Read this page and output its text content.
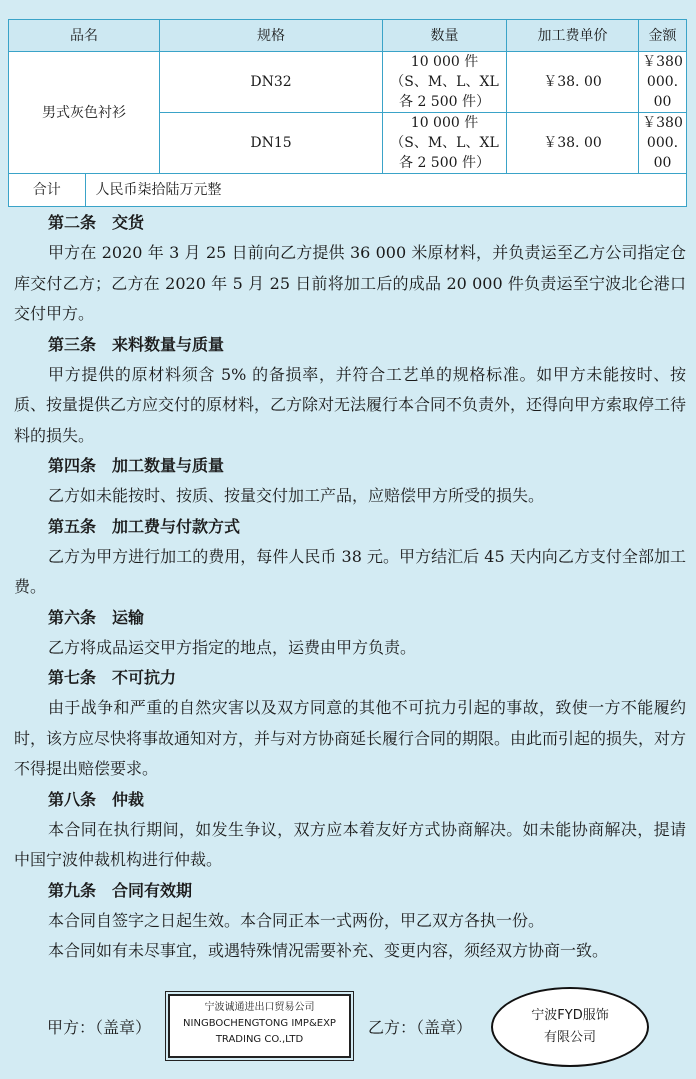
品名		规格	数量	加工费单价	金额
男式灰色衬衫		DN32	10 000 件
（S、M、L、XL 各 2 500 件）	￥38. 00	￥380 000. 00
		DN15	10 000 件
（S、M、L、XL 各 2 500 件）	￥38. 00	￥380 000. 00
合计	人民币柒拾陆万元整				
第二条　交货
甲方在 2020 年 3 月 25 日前向乙方提供 36 000 米原材料，并负责运至乙方公司指定仓库交付乙方；乙方在 2020 年 5 月 25 日前将加工后的成品 20 000 件负责运至宁波北仑港口交付甲方。
第三条　来料数量与质量
甲方提供的原材料须含 5% 的备损率，并符合工艺单的规格标准。如甲方未能按时、按质、按量提供乙方应交付的原材料，乙方除对无法履行本合同不负责外，还得向甲方索取停工待料的损失。
第四条　加工数量与质量
乙方如未能按时、按质、按量交付加工产品，应赔偿甲方所受的损失。
第五条　加工费与付款方式
乙方为甲方进行加工的费用，每件人民币 38 元。甲方结汇后 45 天内向乙方支付全部加工费。
第六条　运输
乙方将成品运交甲方指定的地点，运费由甲方负责。
第七条　不可抗力
由于战争和严重的自然灾害以及双方同意的其他不可抗力引起的事故，致使一方不能履约时，该方应尽快将事故通知对方，并与对方协商延长履行合同的期限。由此而引起的损失，对方不得提出赔偿要求。
第八条　仲裁
本合同在执行期间，如发生争议，双方应本着友好方式协商解决。如未能协商解决，提请中国宁波仲裁机构进行仲裁。
第九条　合同有效期
本合同自签字之日起生效。本合同正本一式两份，甲乙双方各执一份。
本合同如有未尽事宜，或遇特殊情况需要补充、变更内容，须经双方协商一致。
甲方：（盖章）
宁波诚通进出口贸易公司
NINGBOCHENGTONG IMP&EXP
TRADING CO.,LTD
乙方：（盖章）
宁波FYD服饰
有限公司
